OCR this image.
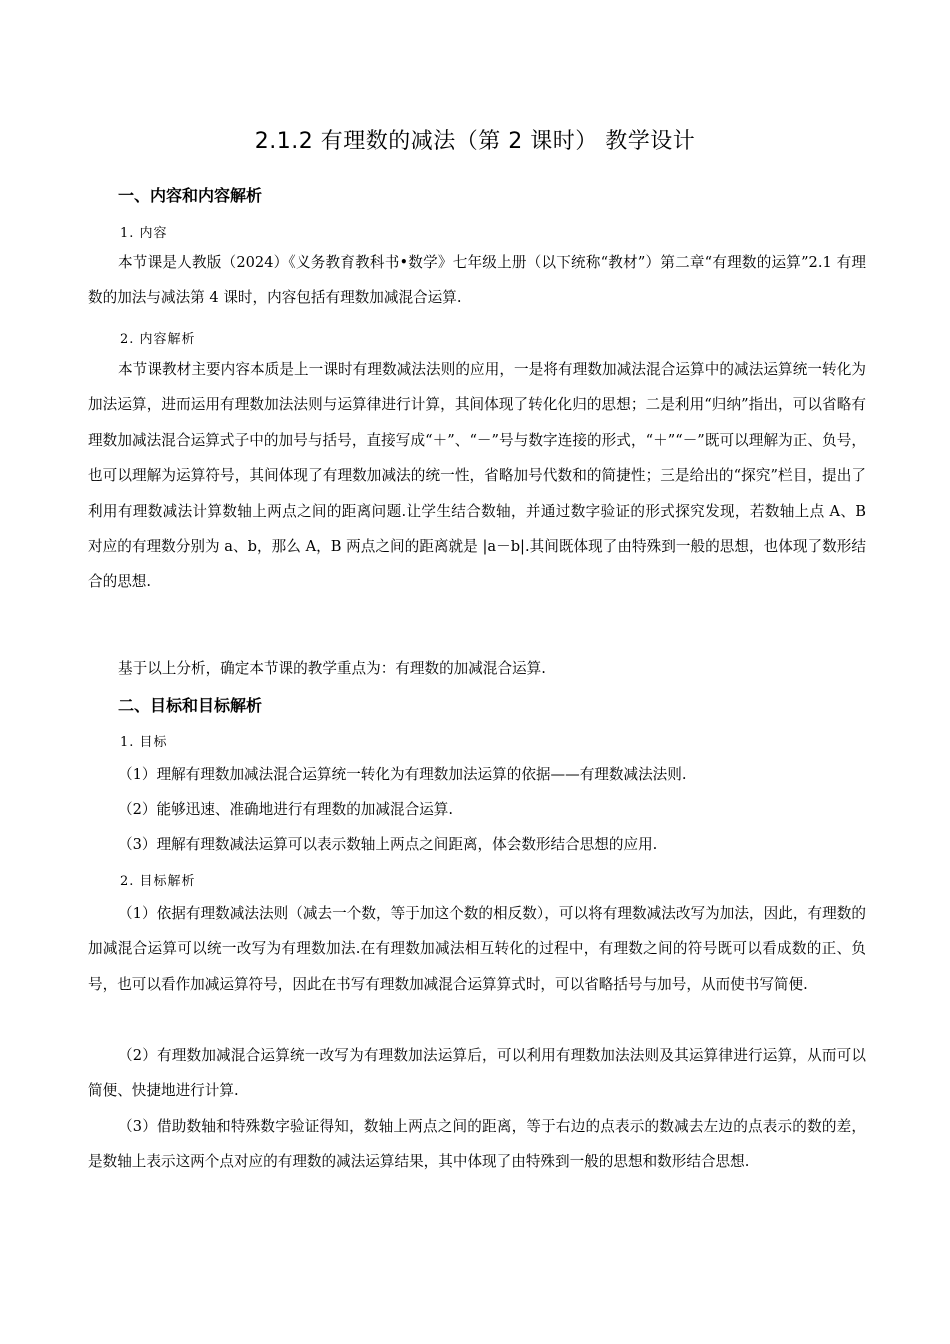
2.1.2 有理数的减法（第 2 课时） 教学设计
一、内容和内容解析
1. 内容

本节课是人教版（2024）《义务教育教科书•数学》七年级上册（以下统称“教材”）第二章“有理数的运算”2.1 有理数的加法与减法第 4 课时，内容包括有理数加减混合运算.

2. 内容解析

本节课教材主要内容本质是上一课时有理数减法法则的应用，一是将有理数加减法混合运算中的减法运算统一转化为加法运算，进而运用有理数加法法则与运算律进行计算，其间体现了转化化归的思想；二是利用“归纳”指出，可以省略有理数加减法混合运算式子中的加号与括号，直接写成“＋”、“－”号与数字连接的形式，“＋”“－”既可以理解为正、负号，也可以理解为运算符号，其间体现了有理数加减法的统一性，省略加号代数和的简捷性；三是给出的“探究”栏目，提出了利用有理数减法计算数轴上两点之间的距离问题.让学生结合数轴，并通过数字验证的形式探究发现，若数轴上点 A、B 对应的有理数分别为 a、b，那么 A，B 两点之间的距离就是 |a－b|.其间既体现了由特殊到一般的思想，也体现了数形结合的思想.

基于以上分析，确定本节课的教学重点为：有理数的加减混合运算.

二、目标和目标解析
1. 目标
（1）理解有理数加减法混合运算统一转化为有理数加法运算的依据——有理数减法法则.
（2）能够迅速、准确地进行有理数的加减混合运算.
（3）理解有理数减法运算可以表示数轴上两点之间距离，体会数形结合思想的应用.
2. 目标解析

（1）依据有理数减法法则（减去一个数，等于加这个数的相反数），可以将有理数减法改写为加法，因此，有理数的加减混合运算可以统一改写为有理数加法.在有理数加减法相互转化的过程中，有理数之间的符号既可以看成数的正、负号，也可以看作加减运算符号，因此在书写有理数加减混合运算算式时，可以省略括号与加号，从而使书写简便.

（2）有理数加减混合运算统一改写为有理数加法运算后，可以利用有理数加法法则及其运算律进行运算，从而可以简便、快捷地进行计算.

（3）借助数轴和特殊数字验证得知，数轴上两点之间的距离，等于右边的点表示的数减去左边的点表示的数的差，是数轴上表示这两个点对应的有理数的减法运算结果，其中体现了由特殊到一般的思想和数形结合思想.
